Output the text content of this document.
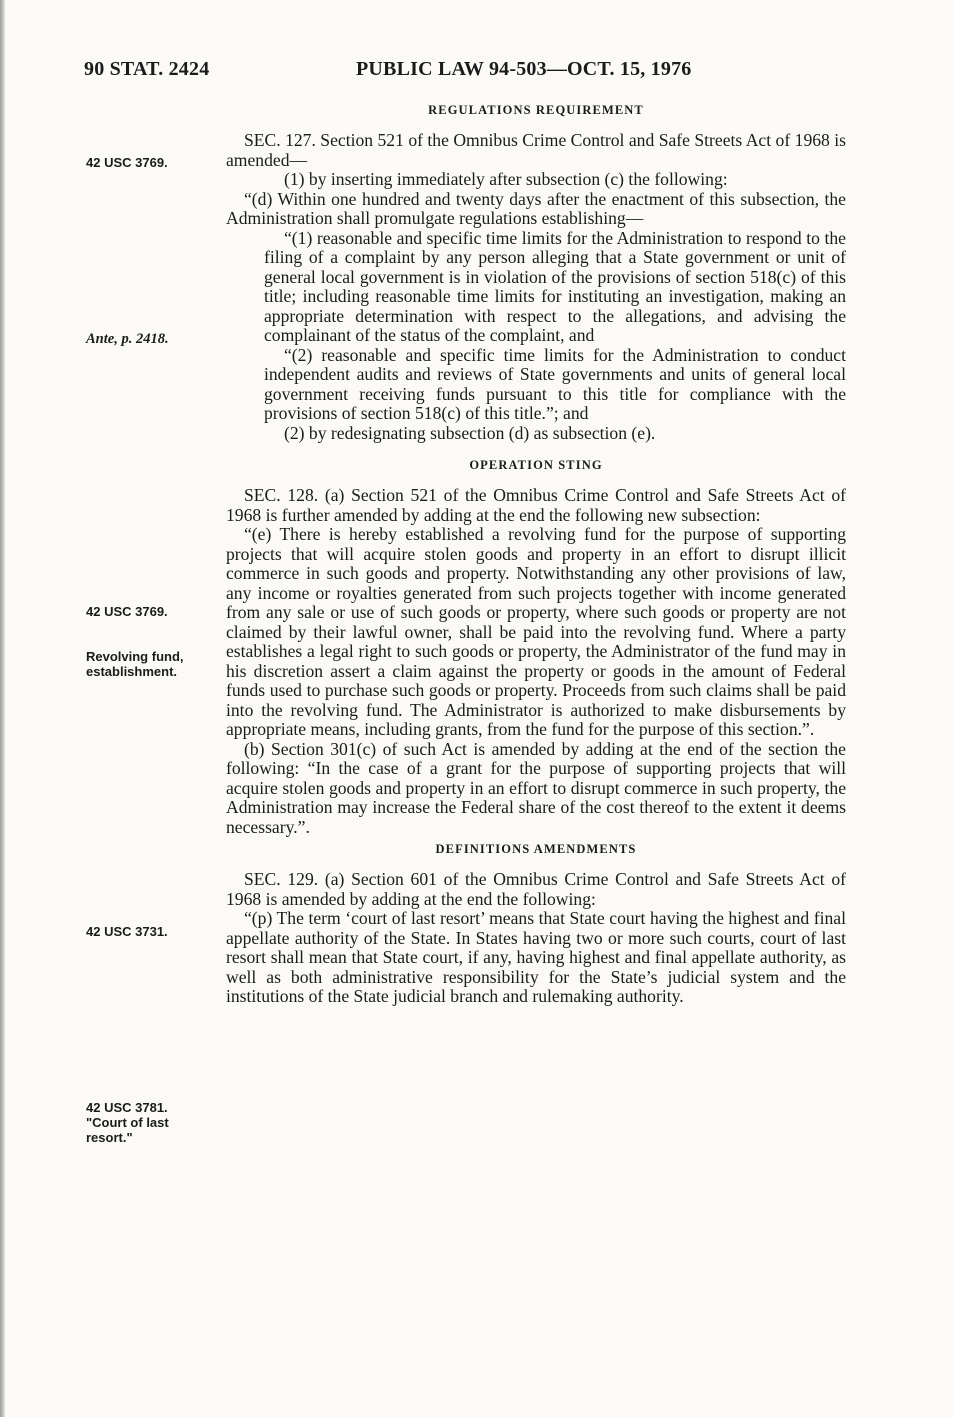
90 STAT. 2424	PUBLIC LAW 94-503—OCT. 15, 1976
42 USC 3769.
Ante, p. 2418.
42 USC 3769.
Revolving fund,
establishment.
42 USC 3731.
42 USC 3781.
"Court of last
resort."
REGULATIONS REQUIREMENT

SEC. 127. Section 521 of the Omnibus Crime Control and Safe Streets Act of 1968 is amended—

(1) by inserting immediately after subsection (c) the following:

“(d) Within one hundred and twenty days after the enactment of this subsection, the Administration shall promulgate regulations establishing—

“(1) reasonable and specific time limits for the Administration to respond to the filing of a complaint by any person alleging that a State government or unit of general local government is in violation of the provisions of section 518(c) of this title; including reasonable time limits for instituting an investigation, making an appropriate determination with respect to the allegations, and advising the complainant of the status of the complaint, and

“(2) reasonable and specific time limits for the Administration to conduct independent audits and reviews of State governments and units of general local government receiving funds pursuant to this title for compliance with the provisions of section 518(c) of this title.”; and

(2) by redesignating subsection (d) as subsection (e).

OPERATION STING

SEC. 128. (a) Section 521 of the Omnibus Crime Control and Safe Streets Act of 1968 is further amended by adding at the end the following new subsection:

“(e) There is hereby established a revolving fund for the purpose of supporting projects that will acquire stolen goods and property in an effort to disrupt illicit commerce in such goods and property. Notwithstanding any other provisions of law, any income or royalties generated from such projects together with income generated from any sale or use of such goods or property, where such goods or property are not claimed by their lawful owner, shall be paid into the revolving fund. Where a party establishes a legal right to such goods or property, the Administrator of the fund may in his discretion assert a claim against the property or goods in the amount of Federal funds used to purchase such goods or property. Proceeds from such claims shall be paid into the revolving fund. The Administrator is authorized to make disbursements by appropriate means, including grants, from the fund for the purpose of this section.”.

(b) Section 301(c) of such Act is amended by adding at the end of the section the following: “In the case of a grant for the purpose of supporting projects that will acquire stolen goods and property in an effort to disrupt commerce in such property, the Administration may increase the Federal share of the cost thereof to the extent it deems necessary.”.

DEFINITIONS AMENDMENTS

SEC. 129. (a) Section 601 of the Omnibus Crime Control and Safe Streets Act of 1968 is amended by adding at the end the following:

“(p) The term ‘court of last resort’ means that State court having the highest and final appellate authority of the State. In States having two or more such courts, court of last resort shall mean that State court, if any, having highest and final appellate authority, as well as both administrative responsibility for the State’s judicial system and the institutions of the State judicial branch and rulemaking authority.
